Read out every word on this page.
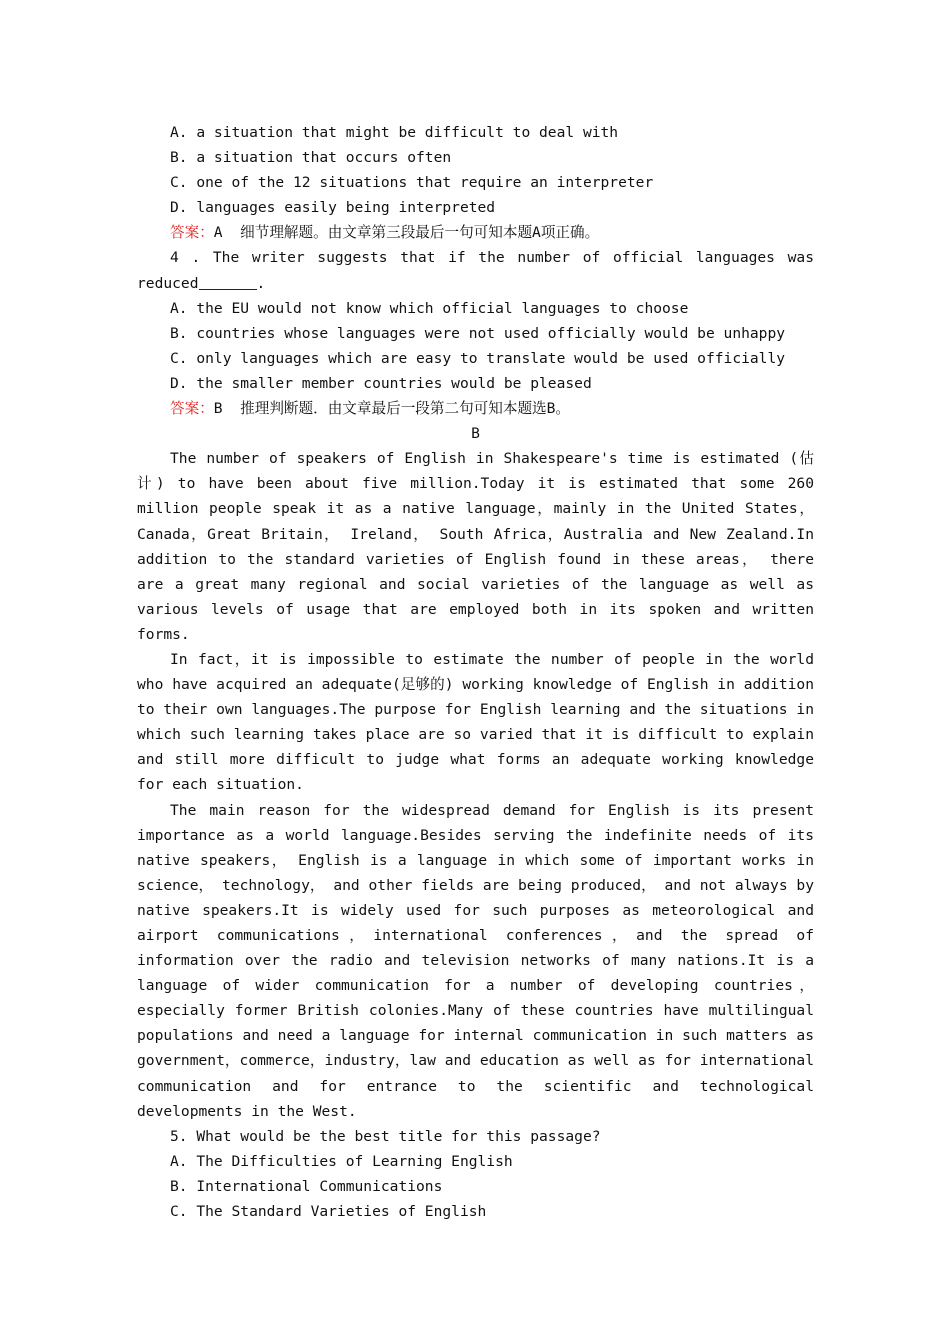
A. a situation that might be difficult to deal with
B. a situation that occurs often
C. one of the 12 situations that require an interpreter
D. languages easily being interpreted
答案：A  细节理解题。由文章第三段最后一句可知本题A项正确。
4 . The writer suggests that if the number of official languages was reduced	.
A. the EU would not know which official languages to choose
B. countries whose languages were not used officially would be unhappy
C. only languages which are easy to translate would be used officially
D. the smaller member countries would be pleased
答案：B  推理判断题．由文章最后一段第二句可知本题选B。
B
The number of speakers of English in Shakespeare's time is estimated (估计) to have been about five million.Today it is estimated that some 260 million people speak it as a native language，mainly in the United States，Canada，Great Britain， Ireland， South Africa，Australia and New Zealand.In addition to the standard varieties of English found in these areas， there are a great many regional and social varieties of the language as well as various levels of usage that are employed both in its spoken and written forms.
In fact，it is impossible to estimate the number of people in the world who have acquired an adequate(足够的) working knowledge of English in addition to their own languages.The purpose for English learning and the situations in which such learning takes place are so varied that it is difficult to explain and still more difficult to judge what forms an adequate working knowledge for each situation.
The main reason for the widespread demand for English is its present importance as a world language.Besides serving the indefinite needs of its native speakers， English is a language in which some of important works in science， technology， and other fields are being produced， and not always by native speakers.It is widely used for such purposes as meteorological and airport communications，international conferences，and the spread of information over the radio and television networks of many nations.It is a language of wider communication for a number of developing countries， especially former British colonies.Many of these countries have multilingual populations and need a language for internal communication in such matters as government，commerce，industry，law and education as well as for international communication and for entrance to the scientific and technological developments in the West.
5. What would be the best title for this passage?
A. The Difficulties of Learning English
B. International Communications
C. The Standard Varieties of English
